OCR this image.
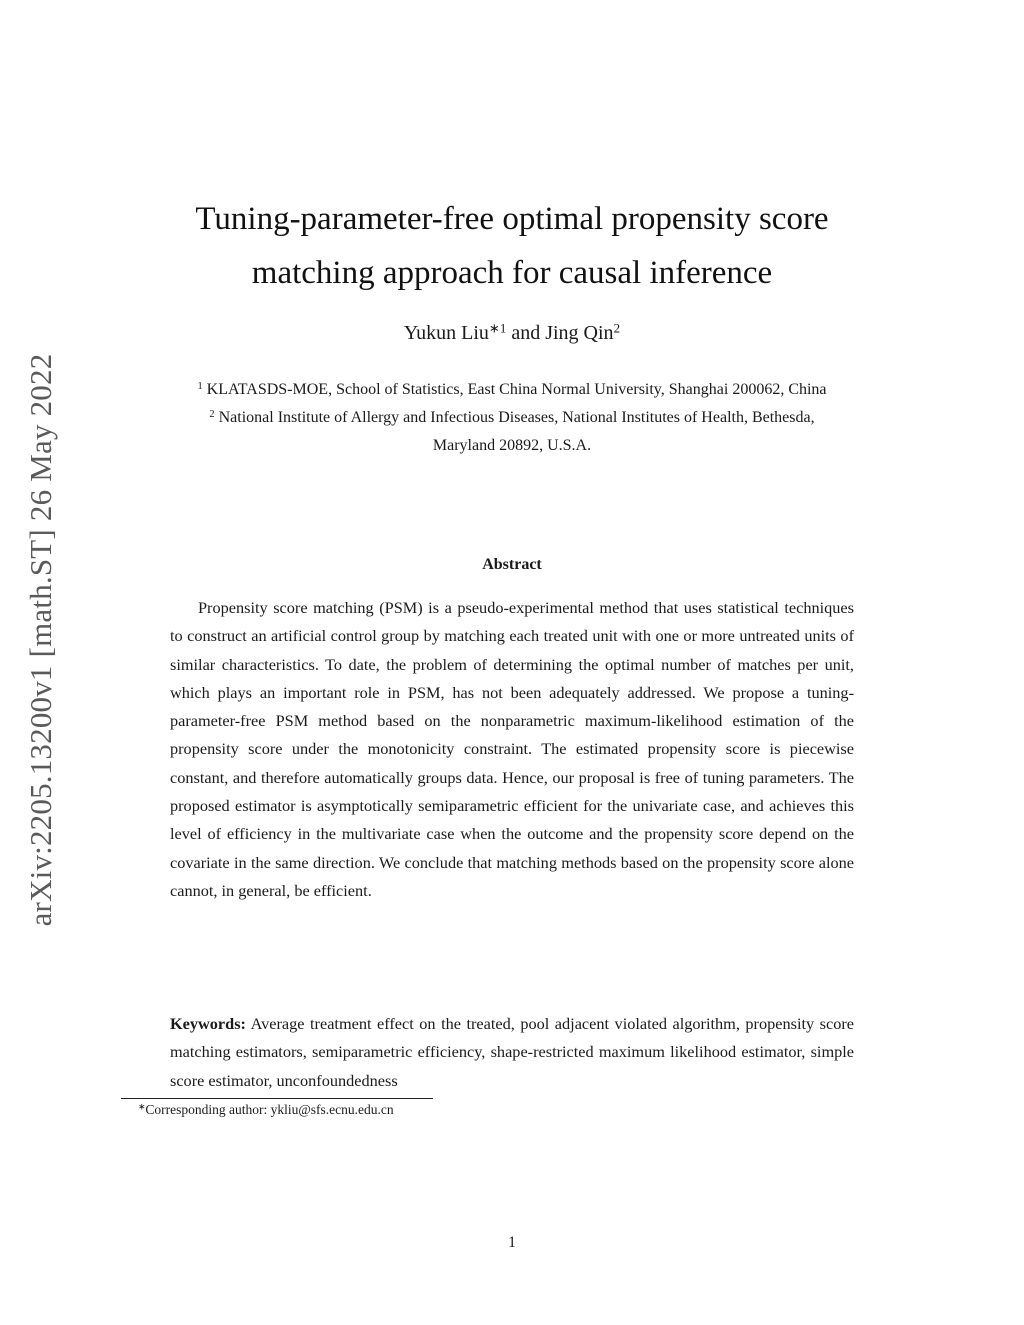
arXiv:2205.13200v1 [math.ST] 26 May 2022
Tuning-parameter-free optimal propensity score
matching approach for causal inference
Yukun Liu$^{∗1}$ and Jing Qin$^2$
$^1$ KLATASDS-MOE, School of Statistics, East China Normal University, Shanghai 200062, China
$^2$ National Institute of Allergy and Infectious Diseases, National Institutes of Health, Bethesda,
Maryland 20892, U.S.A.
Abstract

Propensity score matching (PSM) is a pseudo-experimental method that uses statistical techniques to construct an artificial control group by matching each treated unit with one or more untreated units of similar characteristics. To date, the problem of determining the optimal number of matches per unit, which plays an important role in PSM, has not been adequately addressed. We propose a tuning-parameter-free PSM method based on the nonparametric maximum-likelihood estimation of the propensity score under the monotonicity constraint. The estimated propensity score is piecewise constant, and therefore automatically groups data. Hence, our proposal is free of tuning parameters. The proposed estimator is asymptotically semiparametric efficient for the univariate case, and achieves this level of efficiency in the multivariate case when the outcome and the propensity score depend on the covariate in the same direction. We conclude that matching methods based on the propensity score alone cannot, in general, be efficient.

Keywords: Average treatment effect on the treated, pool adjacent violated algorithm, propensity score matching estimators, semiparametric efficiency, shape-restricted maximum likelihood estimator, simple score estimator, unconfoundedness

∗Corresponding author: ykliu@sfs.ecnu.edu.cn
1
